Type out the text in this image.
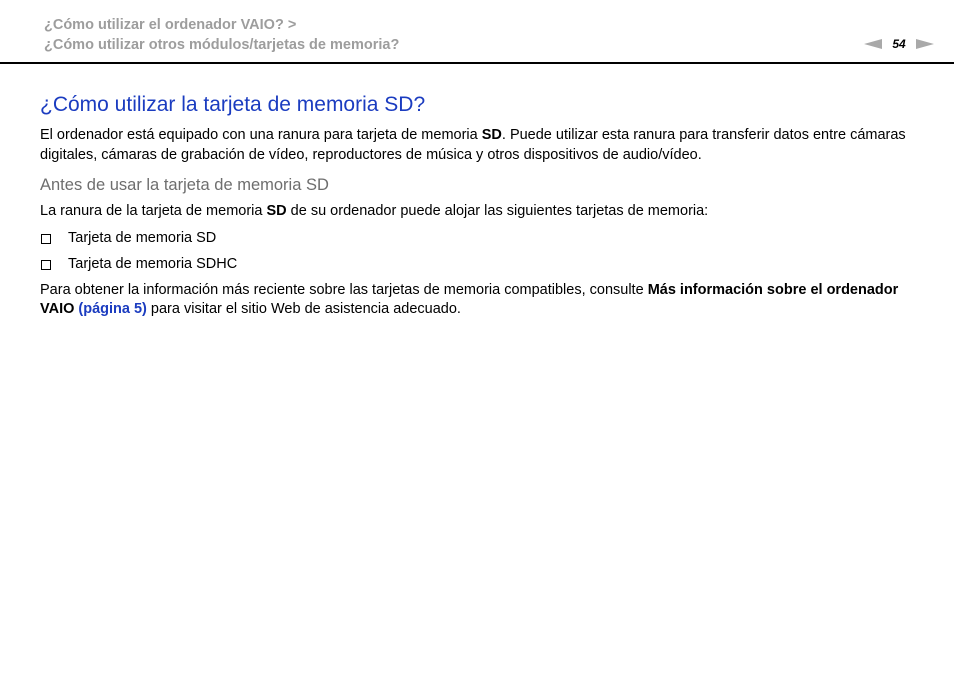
¿Cómo utilizar el ordenador VAIO? >
¿Cómo utilizar otros módulos/tarjetas de memoria?	54
¿Cómo utilizar la tarjeta de memoria SD?

El ordenador está equipado con una ranura para tarjeta de memoria SD. Puede utilizar esta ranura para transferir datos entre cámaras digitales, cámaras de grabación de vídeo, reproductores de música y otros dispositivos de audio/vídeo.

Antes de usar la tarjeta de memoria SD

La ranura de la tarjeta de memoria SD de su ordenador puede alojar las siguientes tarjetas de memoria:

Tarjeta de memoria SD
Tarjeta de memoria SDHC

Para obtener la información más reciente sobre las tarjetas de memoria compatibles, consulte Más información sobre el ordenador VAIO (página 5) para visitar el sitio Web de asistencia adecuado.
